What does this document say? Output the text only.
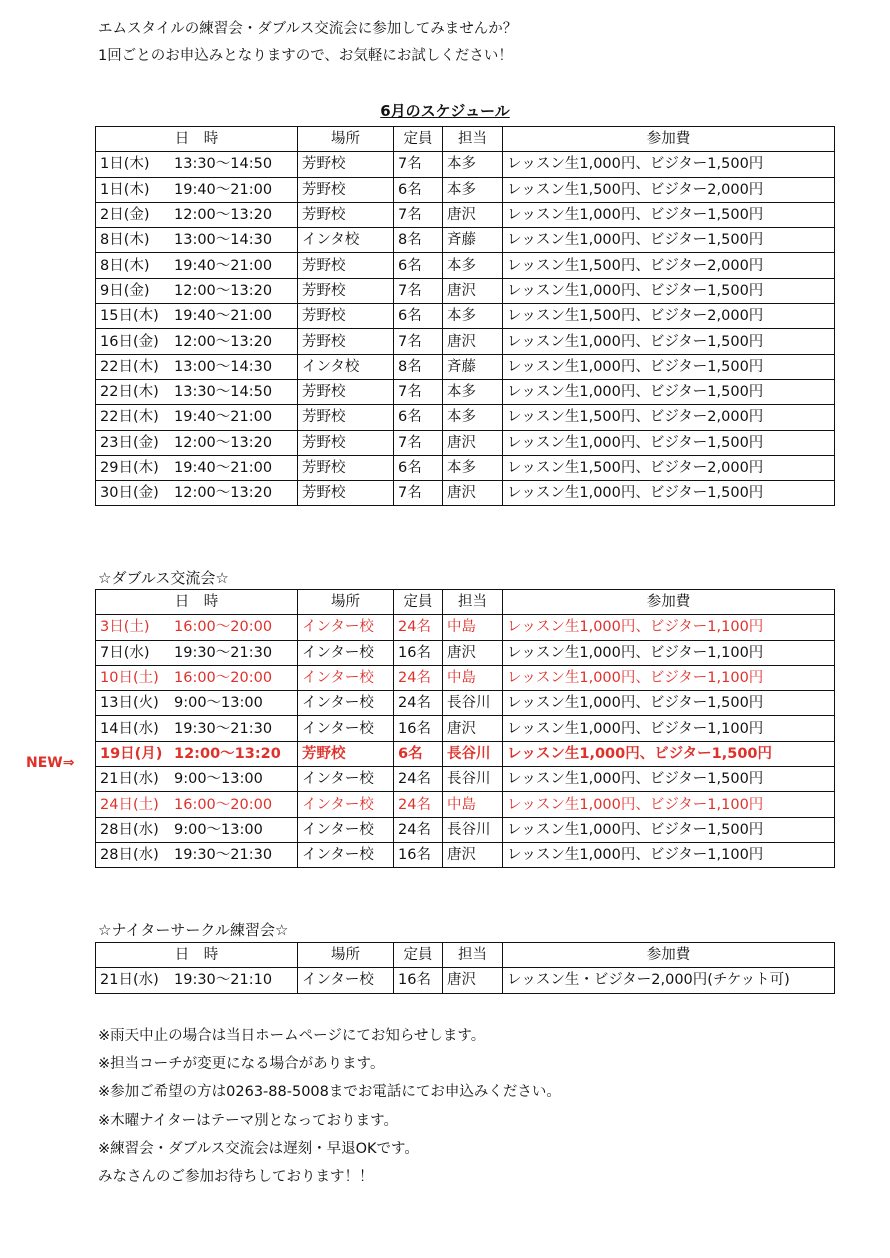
エムスタイルの練習会・ダブルス交流会に参加してみませんか？
1回ごとのお申込みとなりますので、お気軽にお試しください！
6月のスケジュール
日　時	場所	定員	担当	参加費
1日(木) 13:30～14:50	芳野校	7名	本多	レッスン生1,000円、ビジター1,500円
1日(木) 19:40～21:00	芳野校	6名	本多	レッスン生1,500円、ビジター2,000円
2日(金) 12:00～13:20	芳野校	7名	唐沢	レッスン生1,000円、ビジター1,500円
8日(木) 13:00～14:30	インタ校	8名	斉藤	レッスン生1,000円、ビジター1,500円
8日(木) 19:40～21:00	芳野校	6名	本多	レッスン生1,500円、ビジター2,000円
9日(金) 12:00～13:20	芳野校	7名	唐沢	レッスン生1,000円、ビジター1,500円
15日(木) 19:40～21:00	芳野校	6名	本多	レッスン生1,500円、ビジター2,000円
16日(金) 12:00～13:20	芳野校	7名	唐沢	レッスン生1,000円、ビジター1,500円
22日(木) 13:00～14:30	インタ校	8名	斉藤	レッスン生1,000円、ビジター1,500円
22日(木) 13:30～14:50	芳野校	7名	本多	レッスン生1,000円、ビジター1,500円
22日(木) 19:40～21:00	芳野校	6名	本多	レッスン生1,500円、ビジター2,000円
23日(金) 12:00～13:20	芳野校	7名	唐沢	レッスン生1,000円、ビジター1,500円
29日(木) 19:40～21:00	芳野校	6名	本多	レッスン生1,500円、ビジター2,000円
30日(金) 12:00～13:20	芳野校	7名	唐沢	レッスン生1,000円、ビジター1,500円
☆ダブルス交流会☆
日　時	場所	定員	担当	参加費
3日(土) 16:00～20:00	インター校	24名	中島	レッスン生1,000円、ビジター1,100円
7日(水) 19:30～21:30	インター校	16名	唐沢	レッスン生1,000円、ビジター1,100円
10日(土) 16:00～20:00	インター校	24名	中島	レッスン生1,000円、ビジター1,100円
13日(火) 9:00～13:00	インター校	24名	長谷川	レッスン生1,000円、ビジター1,500円
14日(水) 19:30～21:30	インター校	16名	唐沢	レッスン生1,000円、ビジター1,100円
19日(月) 12:00～13:20	芳野校	6名	長谷川	レッスン生1,000円、ビジター1,500円
21日(水) 9:00～13:00	インター校	24名	長谷川	レッスン生1,000円、ビジター1,500円
24日(土) 16:00～20:00	インター校	24名	中島	レッスン生1,000円、ビジター1,100円
28日(水) 9:00～13:00	インター校	24名	長谷川	レッスン生1,000円、ビジター1,500円
28日(水) 19:30～21:30	インター校	16名	唐沢	レッスン生1,000円、ビジター1,100円
NEW⇒
☆ナイターサークル練習会☆
日　時	場所	定員	担当	参加費
21日(水) 19:30～21:10	インター校	16名	唐沢	レッスン生・ビジター2,000円(チケット可)
※雨天中止の場合は当日ホームページにてお知らせします。
※担当コーチが変更になる場合があります。
※参加ご希望の方は0263-88-5008までお電話にてお申込みください。
※木曜ナイターはテーマ別となっております。
※練習会・ダブルス交流会は遅刻・早退OKです。
みなさんのご参加お待ちしております！！
